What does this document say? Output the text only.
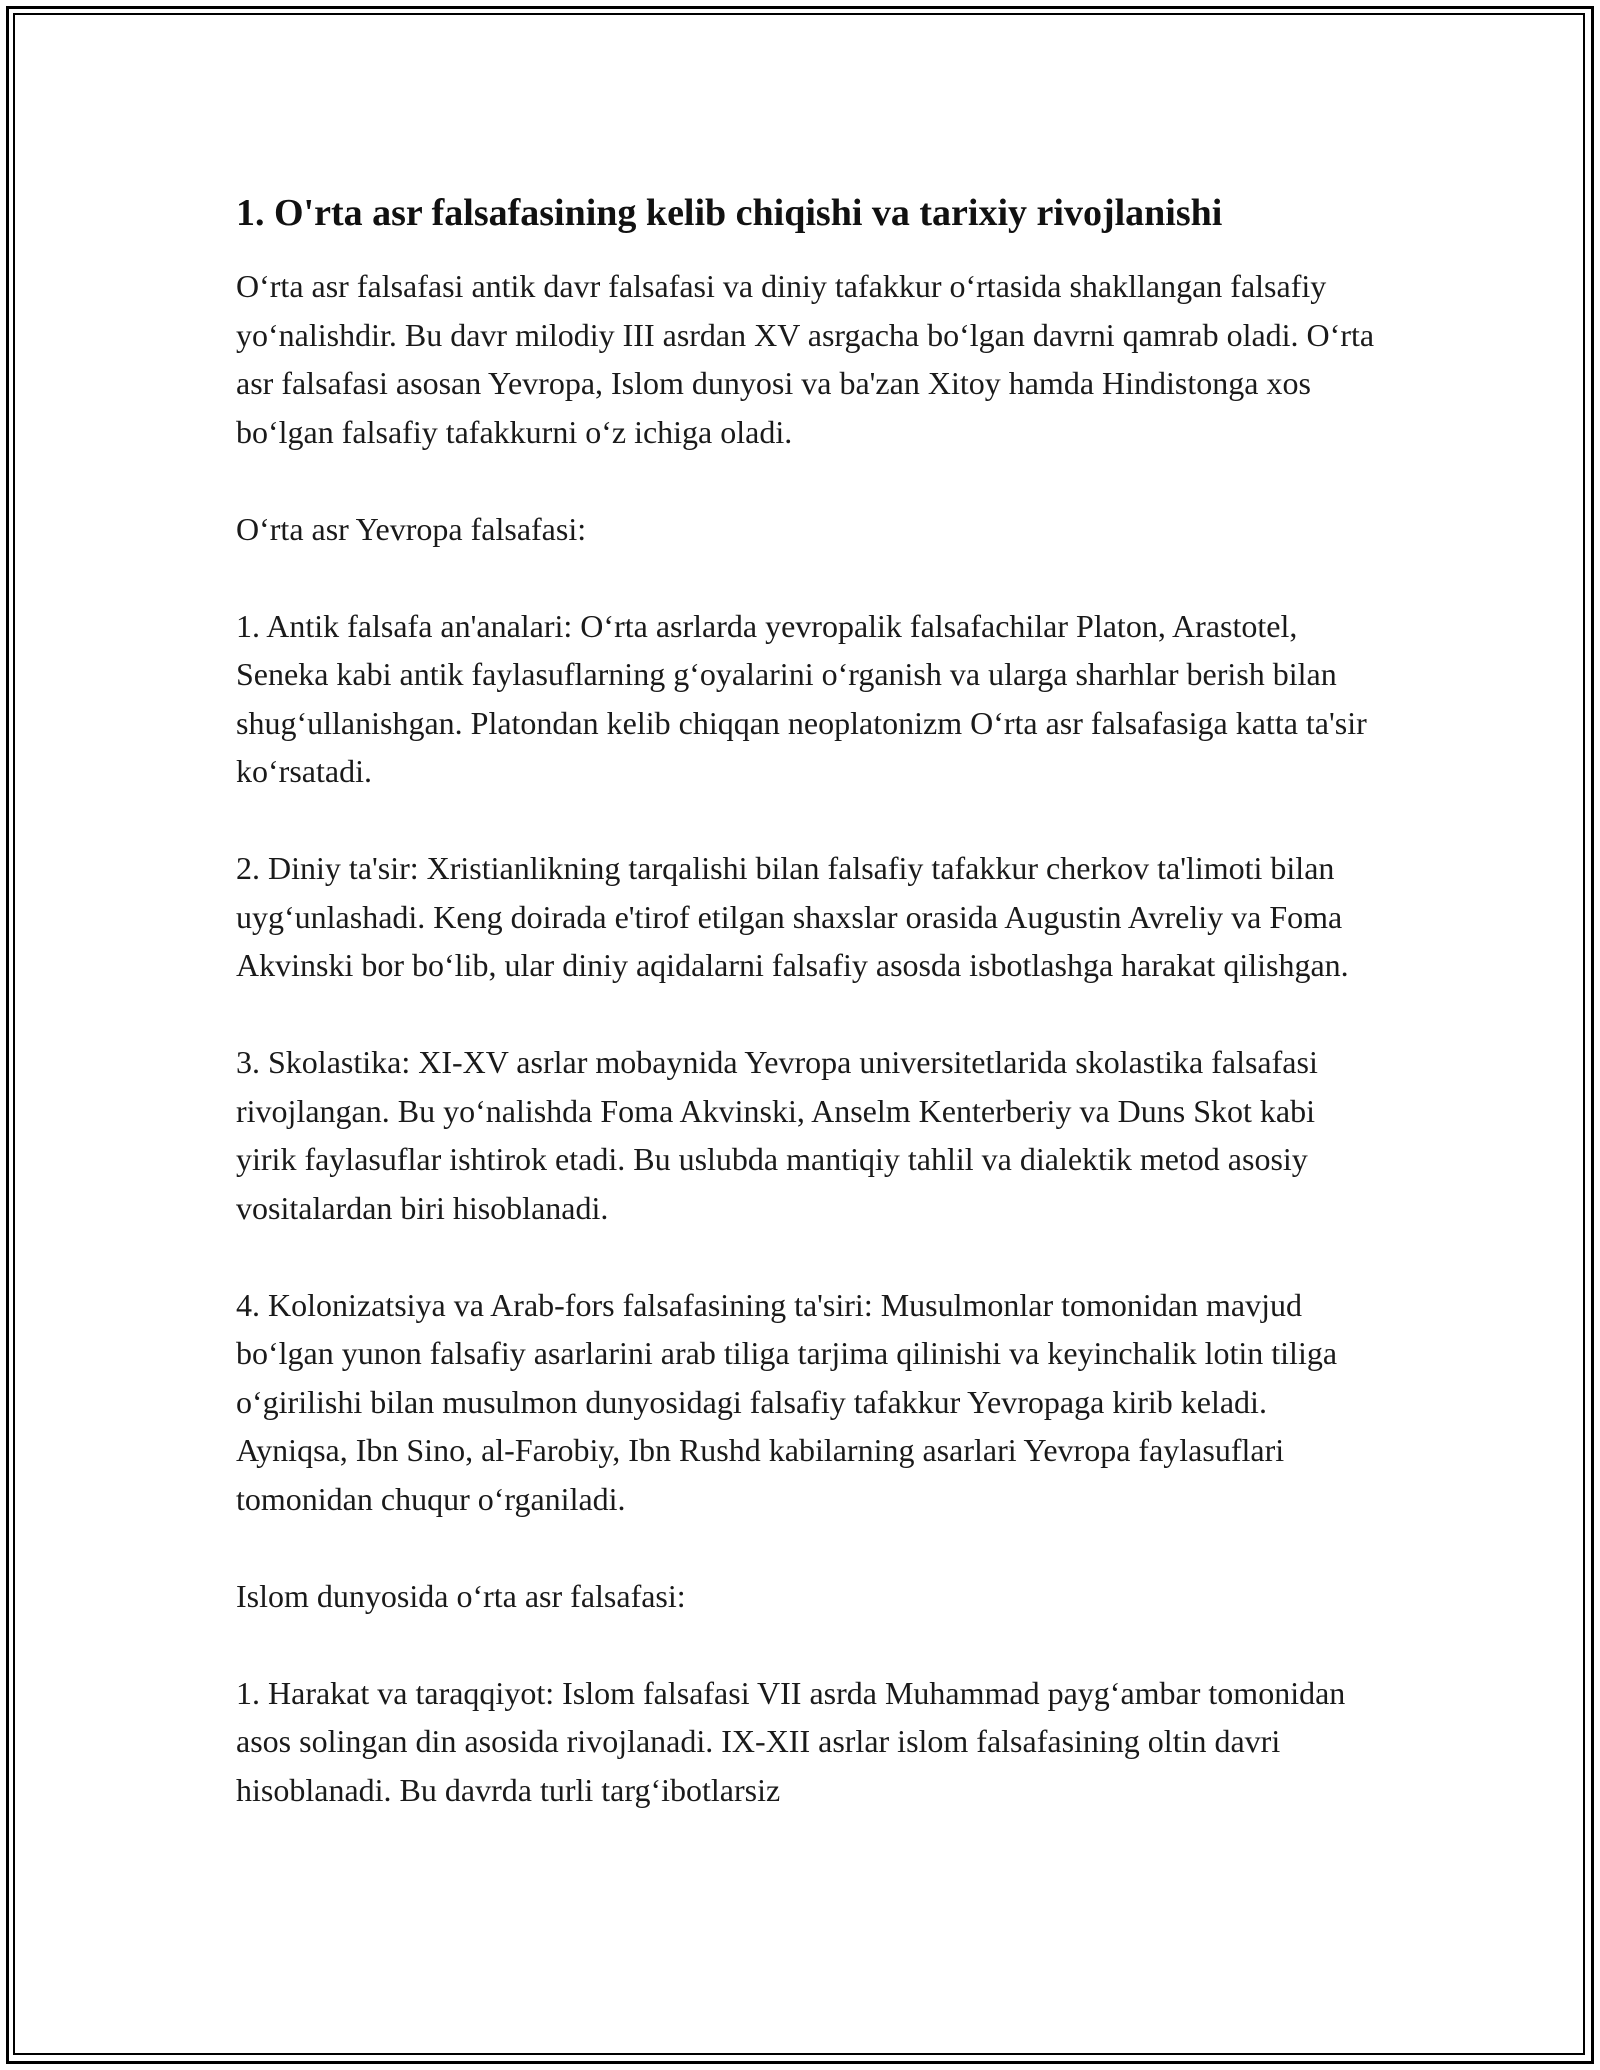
1. O'rta asr falsafasining kelib chiqishi va tarixiy rivojlanishi

O‘rta asr falsafasi antik davr falsafasi va diniy tafakkur o‘rtasida shakllangan falsafiy yo‘nalishdir. Bu davr milodiy III asrdan XV asrgacha bo‘lgan davrni qamrab oladi. O‘rta asr falsafasi asosan Yevropa, Islom dunyosi va ba'zan Xitoy hamda Hindistonga xos bo‘lgan falsafiy tafakkurni o‘z ichiga oladi.

O‘rta asr Yevropa falsafasi:

1. Antik falsafa an'analari: O‘rta asrlarda yevropalik falsafachilar Platon, Arastotel, Seneka kabi antik faylasuflarning g‘oyalarini o‘rganish va ularga sharhlar berish bilan shug‘ullanishgan. Platondan kelib chiqqan neoplatonizm O‘rta asr falsafasiga katta ta'sir ko‘rsatadi.

2. Diniy ta'sir: Xristianlikning tarqalishi bilan falsafiy tafakkur cherkov ta'limoti bilan uyg‘unlashadi. Keng doirada e'tirof etilgan shaxslar orasida Augustin Avreliy va Foma Akvinski bor bo‘lib, ular diniy aqidalarni falsafiy asosda isbotlashga harakat qilishgan.

3. Skolastika: XI-XV asrlar mobaynida Yevropa universitetlarida skolastika falsafasi rivojlangan. Bu yo‘nalishda Foma Akvinski, Anselm Kenterberiy va Duns Skot kabi yirik faylasuflar ishtirok etadi. Bu uslubda mantiqiy tahlil va dialektik metod asosiy vositalardan biri hisoblanadi.

4. Kolonizatsiya va Arab-fors falsafasining ta'siri: Musulmonlar tomonidan mavjud bo‘lgan yunon falsafiy asarlarini arab tiliga tarjima qilinishi va keyinchalik lotin tiliga o‘girilishi bilan musulmon dunyosidagi falsafiy tafakkur Yevropaga kirib keladi. Ayniqsa, Ibn Sino, al-Farobiy, Ibn Rushd kabilarning asarlari Yevropa faylasuflari tomonidan chuqur o‘rganiladi.

Islom dunyosida o‘rta asr falsafasi:

1. Harakat va taraqqiyot: Islom falsafasi VII asrda Muhammad payg‘ambar tomonidan asos solingan din asosida rivojlanadi. IX-XII asrlar islom falsafasining oltin davri hisoblanadi. Bu davrda turli targ‘ibotlarsiz
